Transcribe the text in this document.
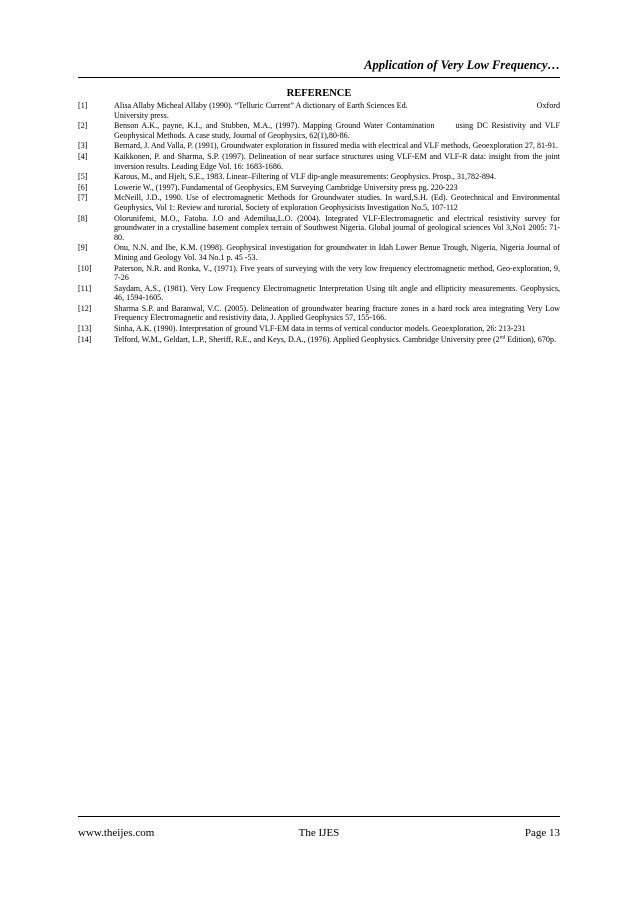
Application of Very Low Frequency…
REFERENCE
[1]	Alisa Allaby Micheal Allaby (1990). “Telluric Current” A dictionary of Earth Sciences Ed.                                                              Oxford University press.
[2]	Benson A.K., payne, K.I., and Stubben, M.A., (1997). Mapping Ground Water Contamination      using DC Resistivity and VLF Geophysical Methods. A case study, Journal of Geophysics, 62(1),80-86.
[3]	Bernard, J. And Valla, P. (1991), Groundwater exploration in fissured media with electrical and VLF methods, Geoexploration 27, 81-91.
[4]	Kaikkonen, P. and Sharma, S.P. (1997). Delineation of near surface structures using VLF-EM and VLF-R data: insight from the joint inversion results. Leading Edge Vol. 16: 1683-1686.
[5]	Karous, M., and Hjelt, S.E., 1983. Linear–Filtering of VLF dip-angle measurements: Geophysics. Prosp., 31,782-894.
[6]	Lowerie W., (1997). Fundamental of Geophysics, EM Surveying Cambridge University press pg. 220-223
[7]	McNeill, J.D., 1990. Use of electromagnetic Methods for Groundwater studies. In ward,S.H. (Ed). Geotechnical and Environmental Geophysics, Vol 1: Review and turorial, Society of exploration Geophysicists Investigation No.5, 107-112
[8]	Olorunifemi, M.O., Fatoba. J.O and Ademilua,L.O. (2004). Integrated VLF-Electromagnetic and electrical resistivity survey for groundwater in a crystalline basement complex terrain of Southwest Nigeria. Global journal of geological sciences Vol 3,No1 2005: 71-80.
[9]	Onu, N.N. and Ibe, K.M. (1998). Geophysical investigation for groundwater in Idah Lower Benue Trough, Nigeria, Nigeria Journal of Mining and Geology Vol. 34 No.1 p. 45 -53.
[10]	Paterson, N.R. and Ronka, V., (1971). Five years of surveying with the very low frequency electromagnetic method, Geo-exploration, 9, 7-26
[11]	Saydam, A.S., (1981). Very Low Frequency Electromagnetic Interpretation Using tilt angle and ellipticity measurements. Geophysics, 46, 1594-1605.
[12]	Sharma S.P. and Baranwal, V.C. (2005). Delineation of groundwater bearing fracture zones in a hard rock area integrating Very Low Frequency Electromagnetic and resistivity data, J. Applied Geophysics 57, 155-166.
[13]	Sinha, A.K. (1990). Interpretation of ground VLF-EM data in terms of vertical conductor models. Geoexploration, 26: 213-231
[14]	Telford, W.M., Geldart, L.P., Sheriff, R.E., and Keys, D.A., (1976). Applied Geophysics. Cambridge University pree (2nd Edition), 670p.
www.theijes.com	The IJES	Page 13
